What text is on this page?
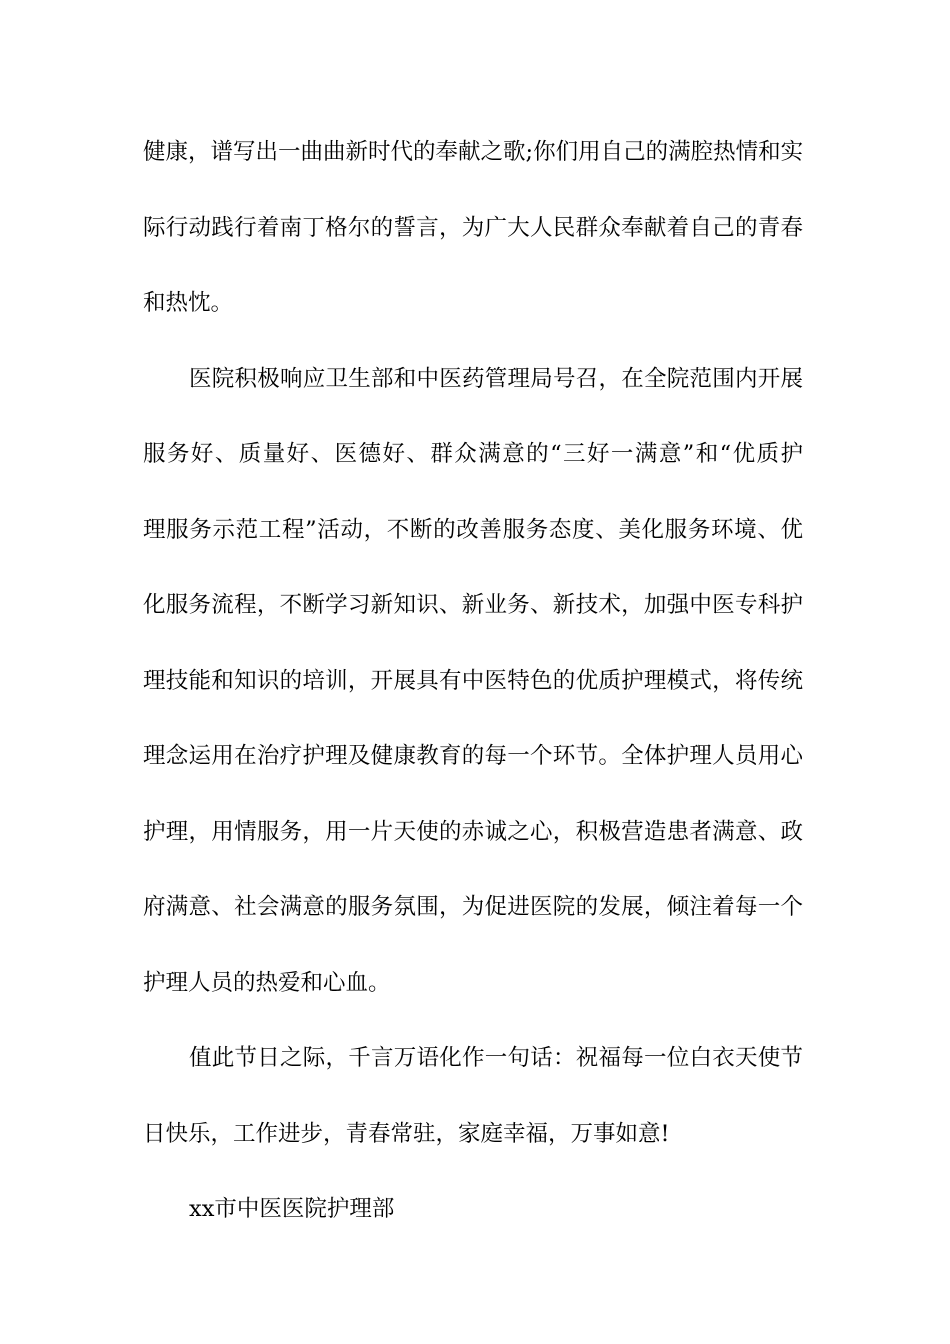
健康，谱写出一曲曲新时代的奉献之歌;你们用自己的满腔热情和实
际行动践行着南丁格尔的誓言，为广大人民群众奉献着自己的青春
和热忱。
医院积极响应卫生部和中医药管理局号召，在全院范围内开展
服务好、质量好、医德好、群众满意的“三好一满意”和“优质护
理服务示范工程”活动，不断的改善服务态度、美化服务环境、优
化服务流程，不断学习新知识、新业务、新技术，加强中医专科护
理技能和知识的培训，开展具有中医特色的优质护理模式，将传统
理念运用在治疗护理及健康教育的每一个环节。全体护理人员用心
护理，用情服务，用一片天使的赤诚之心，积极营造患者满意、政
府满意、社会满意的服务氛围，为促进医院的发展，倾注着每一个
护理人员的热爱和心血。
值此节日之际，千言万语化作一句话：祝福每一位白衣天使节
日快乐，工作进步，青春常驻，家庭幸福，万事如意!
xx市中医医院护理部
